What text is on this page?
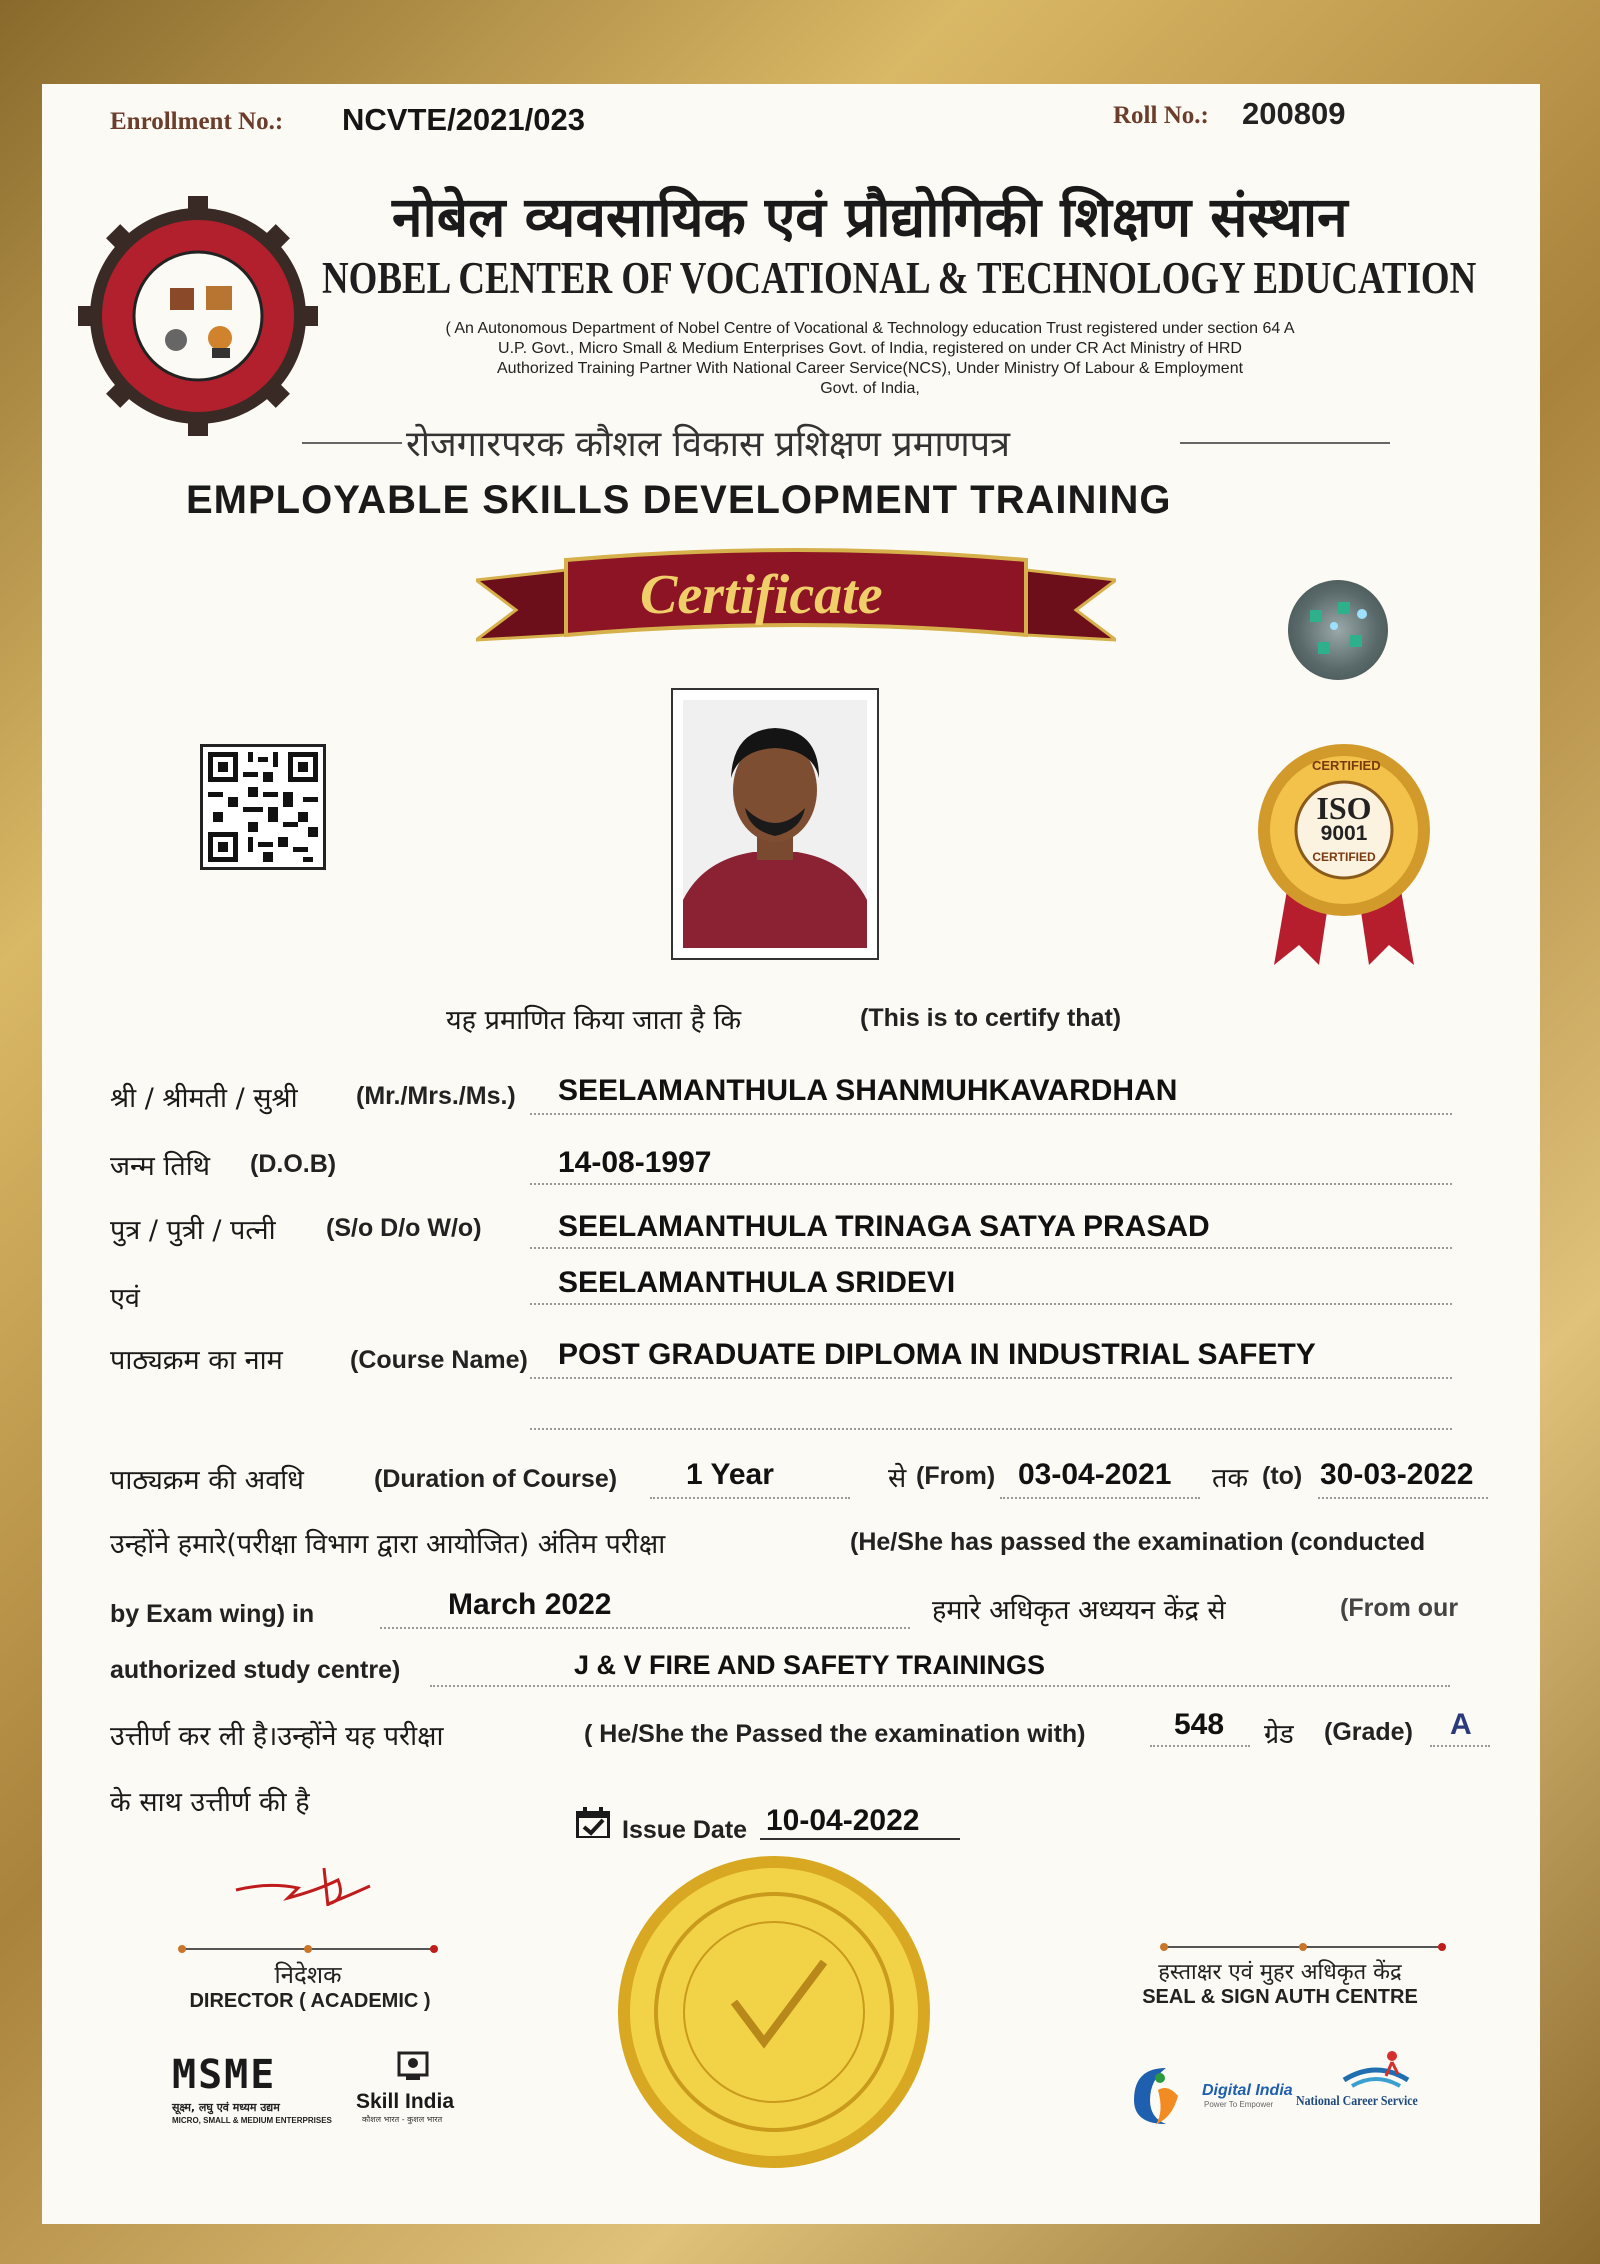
Enrollment No.: NCVTE/2021/023	Roll No.: 200809
नोबेल व्यवसायिक एवं प्रौद्योगिकी शिक्षण संस्थान
NOBEL CENTER OF VOCATIONAL & TECHNOLOGY EDUCATION
( An Autonomous Department of Nobel Centre of Vocational & Technology education Trust registered under section 64 A
U.P. Govt., Micro Small & Medium Enterprises Govt. of India, registered on under CR Act Ministry of HRD
Authorized Training Partner With National Career Service(NCS), Under Ministry Of Labour & Employment
Govt. of India,
रोजगारपरक कौशल विकास प्रशिक्षण प्रमाणपत्र
EMPLOYABLE SKILLS DEVELOPMENT TRAINING
Certificate
CERTIFIED
ISO
9001
CERTIFIED
यह प्रमाणित किया जाता है कि	(This is to certify that)
श्री / श्रीमती / सुश्री (Mr./Mrs./Ms.) SEELAMANTHULA SHANMUHKAVARDHAN
जन्म तिथि (D.O.B)	14-08-1997
पुत्र / पुत्री / पत्नी (S/o D/o W/o)	SEELAMANTHULA TRINAGA SATYA PRASAD
एवं	SEELAMANTHULA SRIDEVI
पाठ्यक्रम का नाम	(Course Name) POST GRADUATE DIPLOMA IN INDUSTRIAL SAFETY
पाठ्यक्रम की अवधि	(Duration of Course) 1 Year	से (From) 03-04-2021 तक (to) 30-03-2022
उन्होंने हमारे(परीक्षा विभाग द्वारा आयोजित) अंतिम परीक्षा	(He/She has passed the examination (conducted
by Exam wing) in	March 2022	हमारे अधिकृत अध्ययन केंद्र से	(From our
authorized study centre)	J & V FIRE AND SAFETY TRAININGS
उत्तीर्ण कर ली है।उन्होंने यह परीक्षा	( He/She the Passed the examination with)	548 ग्रेड (Grade) A
के साथ उत्तीर्ण की है
Issue Date 10-04-2022
निदेशक
DIRECTOR ( ACADEMIC )
हस्ताक्षर एवं मुहर अधिकृत केंद्र
SEAL & SIGN AUTH CENTRE
MSME
सूक्ष्म, लघु एवं मध्यम उद्यम
MICRO, SMALL & MEDIUM ENTERPRISES
Skill India
कौशल भारत - कुशल भारत
Digital India
Power To Empower National Career Service
